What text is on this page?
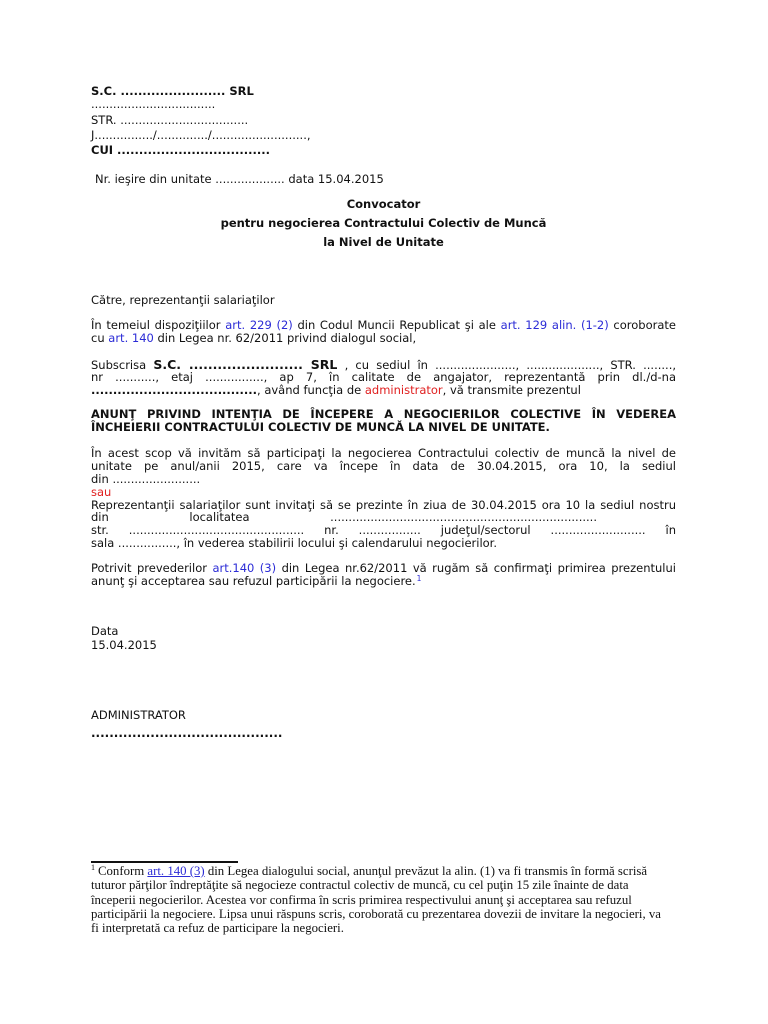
S.C. ........................ SRL
..................................
STR. ...................................
J................/............../..........................,
CUI ...................................
Nr. ieşire din unitate ................... data 15.04.2015
Convocator
pentru negocierea Contractului Colectiv de Muncă
la Nivel de Unitate
Către, reprezentanţii salariaţilor
În temeiul dispoziţiilor art. 229 (2) din Codul Muncii Republicat şi ale art. 129 alin. (1-2) coroborate
cu art. 140 din Legea nr. 62/2011 privind dialogul social,
Subscrisa S.C. ........................ SRL , cu sediul în ......................, ...................., STR. ........,
nr ..........., etaj ................, ap 7, în calitate de angajator, reprezentantă prin dl./d-na
......................................, având funcţia de administrator, vă transmite prezentul
ANUNŢ PRIVIND INTENŢIA DE ÎNCEPERE A NEGOCIERILOR COLECTIVE ÎN VEDEREA
ÎNCHEIERII CONTRACTULUI COLECTIV DE MUNCĂ LA NIVEL DE UNITATE.
În acest scop vă invităm să participaţi la negocierea Contractului colectiv de muncă la nivel de
unitate pe anul/anii 2015, care va începe în data de 30.04.2015, ora 10, la sediul
din ........................
sau
Reprezentanţii salariaţilor sunt invitaţi să se prezinte în ziua de 30.04.2015 ora 10 la sediul nostru
din localitatea .........................................................................
str. ................................................ nr. ................. judeţul/sectorul .......................... în
sala ................, în vederea stabilirii locului şi calendarului negocierilor.
Potrivit prevederilor art.140 (3) din Legea nr.62/2011 vă rugăm să confirmaţi primirea prezentului
anunţ şi acceptarea sau refuzul participării la negociere.$^1$
Data
15.04.2015
ADMINISTRATOR
..........................................
$^1$ Conform art. 140 (3) din Legea dialogului social, anunţul prevăzut la alin. (1) va fi transmis în formă scrisă
tuturor părţilor îndreptăţite să negocieze contractul colectiv de muncă, cu cel puţin 15 zile înainte de data
începerii negocierilor. Acestea vor confirma în scris primirea respectivului anunţ şi acceptarea sau refuzul
participării la negociere. Lipsa unui răspuns scris, coroborată cu prezentarea dovezii de invitare la negocieri, va
fi interpretată ca refuz de participare la negocieri.
